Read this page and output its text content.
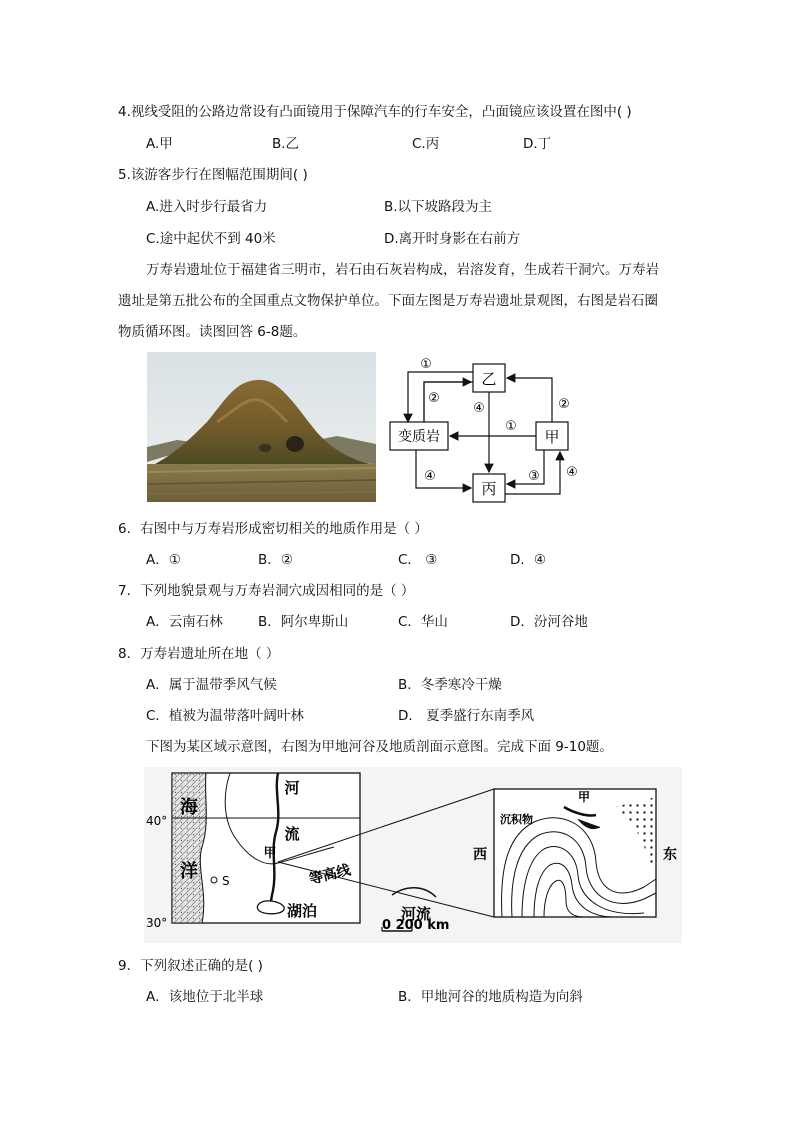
4.视线受阻的公路边常设有凸面镜用于保障汽车的行车安全，凸面镜应该设置在图中( )
A.甲	B.乙	C.丙	D.丁
5.该游客步行在图幅范围期间( )
A.进入时步行最省力	B.以下坡路段为主
C.途中起伏不到 40米	D.离开时身影在右前方
万寿岩遗址位于福建省三明市，岩石由石灰岩构成，岩溶发育，生成若干洞穴。万寿岩
遗址是第五批公布的全国重点文物保护单位。下面左图是万寿岩遗址景观图，右图是岩石圈
物质循环图。读图回答 6-8题。
乙
变质岩	甲
丙
①
②
④
①
②
④	③ ④
6．右图中与万寿岩形成密切相关的地质作用是（ ）
A．①	B．②	C． ③	D．④
7．下列地貌景观与万寿岩洞穴成因相同的是（ ）
A．云南石林	B．阿尔卑斯山	C．华山	D．汾河谷地
8．万寿岩遗址所在地（ ）
A．属于温带季风气候	B．冬季寒冷干燥
C．植被为温带落叶阔叶林	D． 夏季盛行东南季风
下图为某区域示意图，右图为甲地河谷及地质剖面示意图。完成下面 9-10题。
海
洋
40°
30°
河
流
甲
等高线
湖泊
S
河流
0 200 km
甲
沉积物
西	东
9．下列叙述正确的是( )
A．该地位于北半球	B．甲地河谷的地质构造为向斜
